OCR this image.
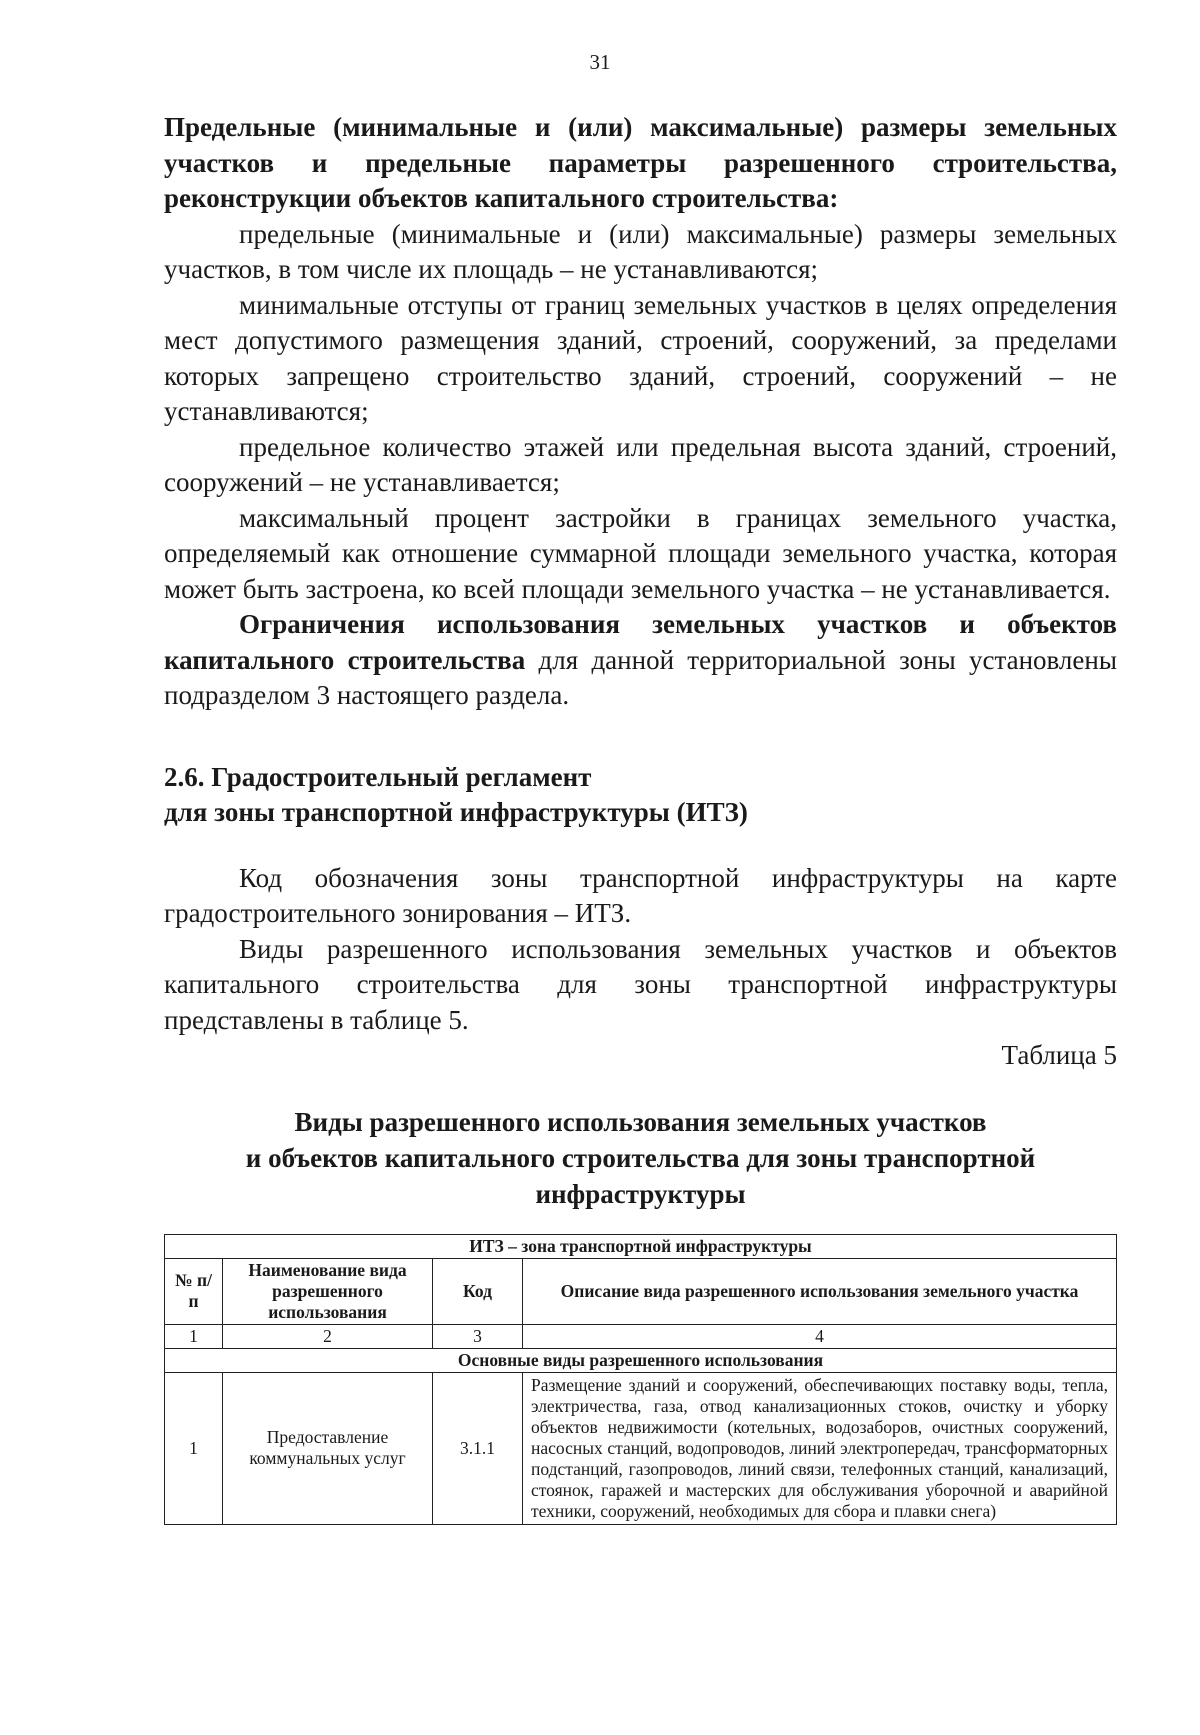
31

Предельные (минимальные и (или) максимальные) размеры земельных участков и предельные параметры разрешенного строительства, реконструкции объектов капитального строительства:

предельные (минимальные и (или) максимальные) размеры земельных участков, в том числе их площадь – не устанавливаются;

минимальные отступы от границ земельных участков в целях определения мест допустимого размещения зданий, строений, сооружений, за пределами которых запрещено строительство зданий, строений, сооружений – не устанавливаются;

предельное количество этажей или предельная высота зданий, строений, сооружений – не устанавливается;

максимальный процент застройки в границах земельного участка, определяемый как отношение суммарной площади земельного участка, которая может быть застроена, ко всей площади земельного участка – не устанавливается.

Ограничения использования земельных участков и объектов капитального строительства для данной территориальной зоны установлены подразделом 3 настоящего раздела.

2.6. Градостроительный регламент

для зоны транспортной инфраструктуры (ИТЗ)

Код обозначения зоны транспортной инфраструктуры на карте градостроительного зонирования – ИТЗ.

Виды разрешенного использования земельных участков и объектов капитального строительства для зоны транспортной инфраструктуры представлены в таблице 5.

Таблица 5

Виды разрешенного использования земельных участков
и объектов капитального строительства для зоны транспортной
инфраструктуры
ИТЗ – зона транспортной инфраструктуры			
№ п/п	Наименование вида разрешенного использования	Код	Описание вида разрешенного использования земельного участка
1	2	3	4
Основные виды разрешенного использования			
1	Предоставление коммунальных услуг	3.1.1	Размещение зданий и сооружений, обеспечивающих поставку воды, тепла, электричества, газа, отвод канализационных стоков, очистку и уборку объектов недвижимости (котельных, водозаборов, очистных сооружений, насосных станций, водопроводов, линий электропередач, трансформаторных подстанций, газопроводов, линий связи, телефонных станций, канализаций, стоянок, гаражей и мастерских для обслуживания уборочной и аварийной техники, сооружений, необходимых для сбора и плавки снега)
